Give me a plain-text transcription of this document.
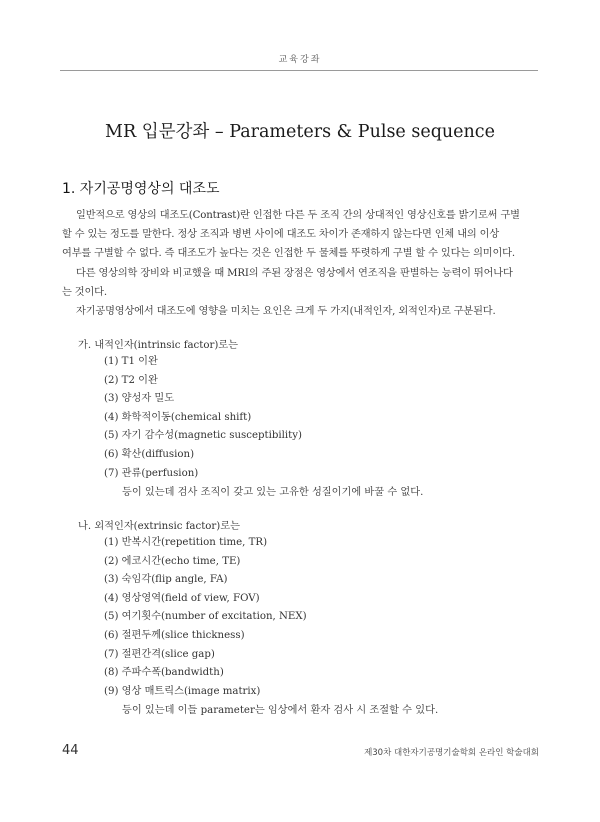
교육강좌
MR 입문강좌 – Parameters & Pulse sequence
1. 자기공명영상의 대조도
일반적으로 영상의 대조도(Contrast)란 인접한 다른 두 조직 간의 상대적인 영상신호를 밝기로써 구별
할 수 있는 정도를 말한다. 정상 조직과 병변 사이에 대조도 차이가 존재하지 않는다면 인체 내의 이상
여부를 구별할 수 없다. 즉 대조도가 높다는 것은 인접한 두 물체를 뚜렷하게 구별 할 수 있다는 의미이다.
다른 영상의학 장비와 비교했을 때 MRI의 주된 장점은 영상에서 연조직을 판별하는 능력이 뛰어나다
는 것이다.
자기공명영상에서 대조도에 영향을 미치는 요인은 크게 두 가지(내적인자, 외적인자)로 구분된다.
가. 내적인자(intrinsic factor)로는
(1) T1 이완
(2) T2 이완
(3) 양성자 밀도
(4) 화학적이동(chemical shift)
(5) 자기 감수성(magnetic susceptibility)
(6) 확산(diffusion)
(7) 관류(perfusion)
등이 있는데 검사 조직이 갖고 있는 고유한 성질이기에 바꿀 수 없다.
나. 외적인자(extrinsic factor)로는
(1) 반복시간(repetition time, TR)
(2) 에코시간(echo time, TE)
(3) 숙임각(flip angle, FA)
(4) 영상영역(field of view, FOV)
(5) 여기횟수(number of excitation, NEX)
(6) 절편두께(slice thickness)
(7) 절편간격(slice gap)
(8) 주파수폭(bandwidth)
(9) 영상 매트릭스(image matrix)
등이 있는데 이들 parameter는 임상에서 환자 검사 시 조절할 수 있다.
44	제30차 대한자기공명기술학회 온라인 학술대회
